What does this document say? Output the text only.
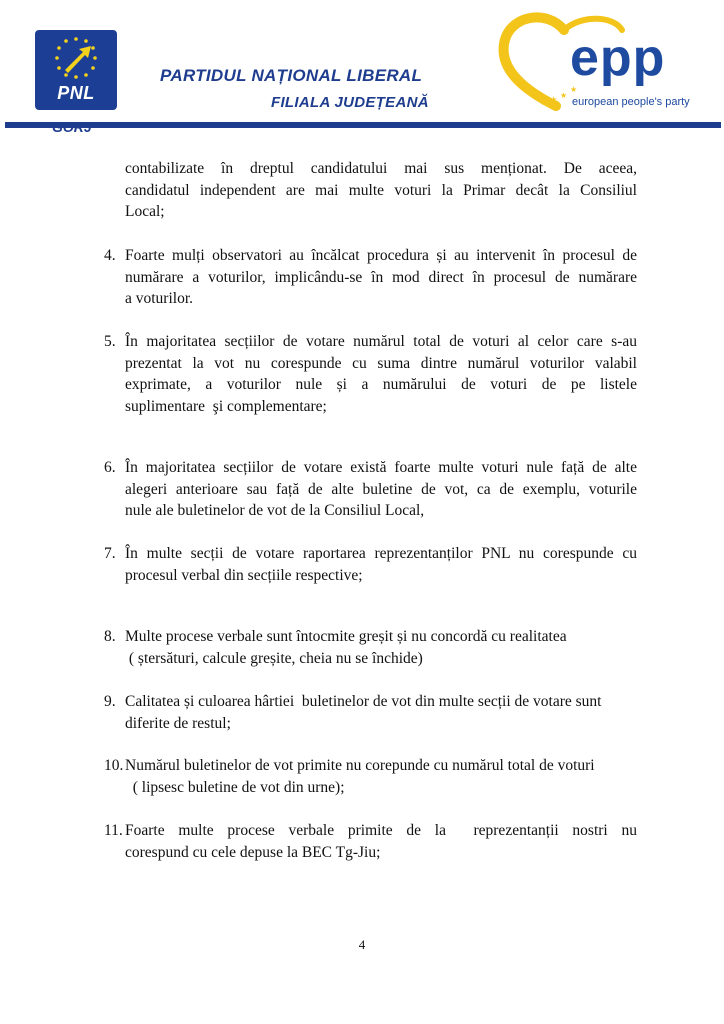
PNL
PARTIDUL NAȚIONAL LIBERAL
FILIALA JUDEȚEANĂ	★ ★ ★
★
epp
european people's party
contabilizate în dreptul candidatului mai sus menționat. De aceea,
candidatul independent are mai multe voturi la Primar decât la Consiliul
Local;
4. Foarte mulți observatori au încălcat procedura și au intervenit în procesul de
numărare a voturilor, implicându-se în mod direct în procesul de numărare
a voturilor.
5. În majoritatea secțiilor de votare numărul total de voturi al celor care s-au
prezentat la vot nu corespunde cu suma dintre numărul voturilor valabil
exprimate, a voturilor nule și a numărului de voturi de pe listele
suplimentare  şi complementare;
6. În majoritatea secțiilor de votare există foarte multe voturi nule față de alte
alegeri anterioare sau față de alte buletine de vot, ca de exemplu, voturile
nule ale buletinelor de vot de la Consiliul Local,
7. În multe secții de votare raportarea reprezentanților PNL nu corespunde cu
procesul verbal din secțiile respective;
8. Multe procese verbale sunt întocmite greșit și nu concordă cu realitatea
( ștersături, calcule greșite, cheia nu se închide)
9. Calitatea și culoarea hârtiei  buletinelor de vot din multe secții de votare sunt
diferite de restul;
10. Numărul buletinelor de vot primite nu corepunde cu numărul total de voturi
( lipsesc buletine de vot din urne);
11. Foarte multe procese verbale primite de la  reprezentanții nostri nu
corespund cu cele depuse la BEC Tg-Jiu;
4
